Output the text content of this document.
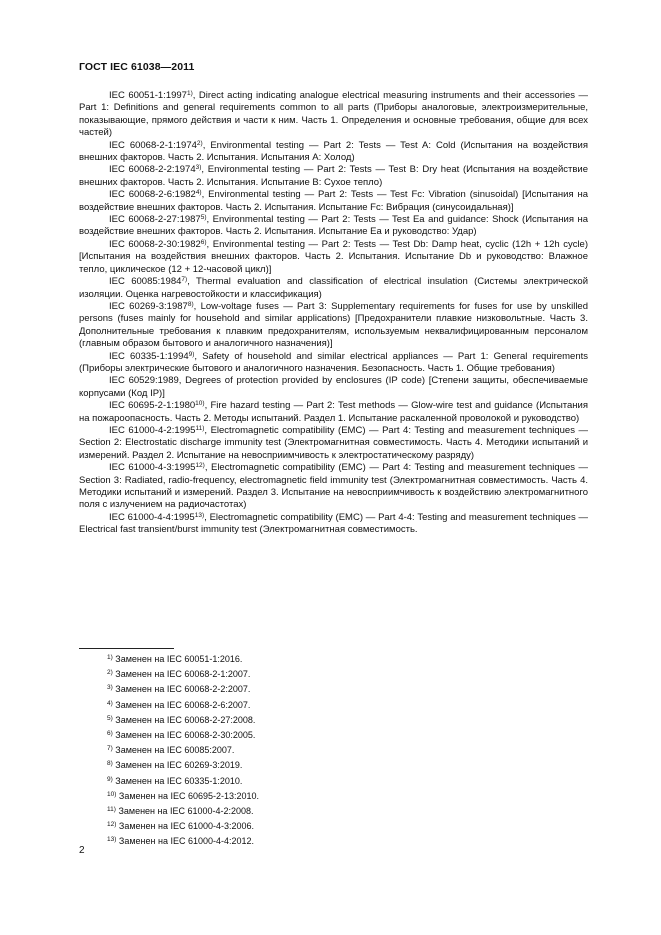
ГОСТ IEC 61038—2011

IEC 60051-1:1997$^{1)}$, Direct acting indicating analogue electrical measuring instruments and their accessories — Part 1: Definitions and general requirements common to all parts (Приборы аналоговые, электроизмерительные, показывающие, прямого действия и части к ним. Часть 1. Определения и основные требования, общие для всех частей)

IEC 60068-2-1:1974$^{2)}$, Environmental testing — Part 2: Tests — Test A: Cold (Испытания на воздействия внешних факторов. Часть 2. Испытания. Испытания A: Холод)

IEC 60068-2-2:1974$^{3)}$, Environmental testing — Part 2: Tests — Test B: Dry heat (Испытания на воздействие внешних факторов. Часть 2. Испытания. Испытание B: Сухое тепло)

IEC 60068-2-6:1982$^{4)}$, Environmental testing — Part 2: Tests — Test Fc: Vibration (sinusoidal) [Испытания на воздействие внешних факторов. Часть 2. Испытания. Испытание Fc: Вибрация (синусоидальная)]

IEC 60068-2-27:1987$^{5)}$, Environmental testing — Part 2: Tests — Test Ea and guidance: Shock (Испытания на воздействие внешних факторов. Часть 2. Испытания. Испытание Ea и руководство: Удар)

IEC 60068-2-30:1982$^{6)}$, Environmental testing — Part 2: Tests — Test Db: Damp heat, cyclic (12h + 12h cycle) [Испытания на воздействия внешних факторов. Часть 2. Испытания. Испытание Db и руководство: Влажное тепло, циклическое (12 + 12-часовой цикл)]

IEC 60085:1984$^{7)}$, Thermal evaluation and classification of electrical insulation (Системы электрической изоляции. Оценка нагревостойкости и классификация)

IEC 60269-3:1987$^{8)}$, Low-voltage fuses — Part 3: Supplementary requirements for fuses for use by unskilled persons (fuses mainly for household and similar applications) [Предохранители плавкие низковольтные. Часть 3. Дополнительные требования к плавким предохранителям, используемым неквалифицированным персоналом (главным образом бытового и аналогичного назначения)]

IEC 60335-1:1994$^{9)}$, Safety of household and similar electrical appliances — Part 1: General requirements (Приборы электрические бытового и аналогичного назначения. Безопасность. Часть 1. Общие требования)

IEC 60529:1989, Degrees of protection provided by enclosures (IP code) [Степени защиты, обеспечиваемые корпусами (Код IP)]

IEC 60695-2-1:1980$^{10)}$, Fire hazard testing — Part 2: Test methods — Glow-wire test and guidance (Испытания на пожароопасность. Часть 2. Методы испытаний. Раздел 1. Испытание раскаленной проволокой и руководство)

IEC 61000-4-2:1995$^{11)}$, Electromagnetic compatibility (EMC) — Part 4: Testing and measurement techniques — Section 2: Electrostatic discharge immunity test (Электромагнитная совместимость. Часть 4. Методики испытаний и измерений. Раздел 2. Испытание на невосприимчивость к электростатическому разряду)

IEC 61000-4-3:1995$^{12)}$, Electromagnetic compatibility (EMC) — Part 4: Testing and measurement techniques — Section 3: Radiated, radio-frequency, electromagnetic field immunity test (Электромагнитная совместимость. Часть 4. Методики испытаний и измерений. Раздел 3. Испытание на невосприимчивость к воздействию электромагнитного поля с излучением на радиочастотах)

IEC 61000-4-4:1995$^{13)}$, Electromagnetic compatibility (EMC) — Part 4-4: Testing and measurement techniques — Electrical fast transient/burst immunity test (Электромагнитная совместимость.

$^{1)}$ Заменен на IEC 60051-1:2016.
$^{2)}$ Заменен на IEC 60068-2-1:2007.
$^{3)}$ Заменен на IEC 60068-2-2:2007.
$^{4)}$ Заменен на IEC 60068-2-6:2007.
$^{5)}$ Заменен на IEC 60068-2-27:2008.
$^{6)}$ Заменен на IEC 60068-2-30:2005.
$^{7)}$ Заменен на IEC 60085:2007.
$^{8)}$ Заменен на IEC 60269-3:2019.
$^{9)}$ Заменен на IEC 60335-1:2010.
$^{10)}$ Заменен на IEC 60695-2-13:2010.
$^{11)}$ Заменен на IEC 61000-4-2:2008.
$^{12)}$ Заменен на IEC 61000-4-3:2006.
$^{13)}$ Заменен на IEC 61000-4-4:2012.
2
